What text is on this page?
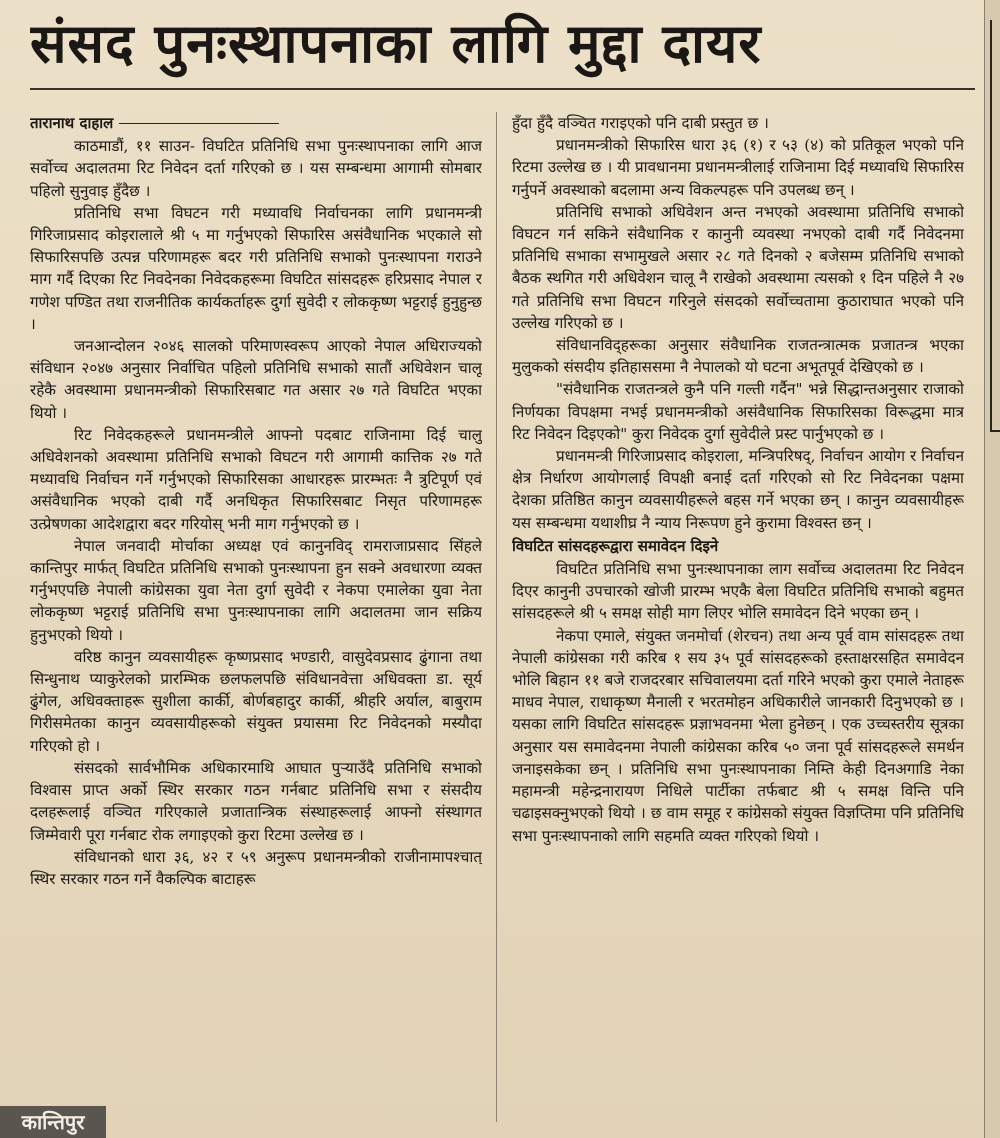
संसद पुनःस्थापनाका लागि मुद्दा दायर
तारानाथ दाहाल

काठमाडौं, ११ साउन- विघटित प्रतिनिधि सभा पुनःस्थापनाका लागि आज सर्वोच्च अदालतमा रिट निवेदन दर्ता गरिएको छ । यस सम्बन्धमा आगामी सोमबार पहिलो सुनुवाइ हुँदैछ ।

प्रतिनिधि सभा विघटन गरी मध्यावधि निर्वाचनका लागि प्रधानमन्त्री गिरिजाप्रसाद कोइरालाले श्री ५ मा गर्नुभएको सिफारिस असंवैधानिक भएकाले सो सिफारिसपछि उत्पन्न परिणामहरू बदर गरी प्रतिनिधि सभाको पुनःस्थापना गराउने माग गर्दै दिएका रिट निवदेनका निवेदकहरूमा विघटित सांसदहरू हरिप्रसाद नेपाल र गणेश पण्डित तथा राजनीतिक कार्यकर्ताहरू दुर्गा सुवेदी र लोककृष्ण भट्टराई हुनुहुन्छ ।

जनआन्दोलन २०४६ सालको परिमाणस्वरूप आएको नेपाल अधिराज्यको संविधान २०४७ अनुसार निर्वाचित पहिलो प्रतिनिधि सभाको सातौं अधिवेशन चालू रहेकै अवस्थामा प्रधानमन्त्रीको सिफारिसबाट गत असार २७ गते विघटित भएका थियो ।

रिट निवेदकहरूले प्रधानमन्त्रीले आफ्नो पदबाट राजिनामा दिई चालु अधिवेशनको अवस्थामा प्रतिनिधि सभाको विघटन गरी आगामी कात्तिक २७ गते मध्यावधि निर्वाचन गर्ने गर्नुभएको सिफारिसका आधारहरू प्रारम्भतः नै त्रुटिपूर्ण एवं असंवैधानिक भएको दाबी गर्दै अनधिकृत सिफारिसबाट निसृत परिणामहरू उत्प्रेषणका आदेशद्वारा बदर गरियोस् भनी माग गर्नुभएको छ ।

नेपाल जनवादी मोर्चाका अध्यक्ष एवं कानुनविद् रामराजाप्रसाद सिंहले कान्तिपुर मार्फत् विघटित प्रतिनिधि सभाको पुनःस्थापना हुन सक्ने अवधारणा व्यक्त गर्नुभएपछि नेपाली कांग्रेसका युवा नेता दुर्गा सुवेदी र नेकपा एमालेका युवा नेता लोककृष्ण भट्टराई प्रतिनिधि सभा पुनःस्थापनाका लागि अदालतमा जान सक्रिय हुनुभएको थियो ।

वरिष्ठ कानुन व्यवसायीहरू कृष्णप्रसाद भण्डारी, वासुदेवप्रसाद ढुंगाना तथा सिन्धुनाथ प्याकुरेलको प्रारम्भिक छलफलपछि संविधानवेत्ता अधिवक्ता डा. सूर्य ढुंगेल, अधिवक्ताहरू सुशीला कार्की, बोर्णबहादुर कार्की, श्रीहरि अर्याल, बाबुराम गिरीसमेतका कानुन व्यवसायीहरूको संयुक्त प्रयासमा रिट निवेदनको मस्यौदा गरिएको हो ।

संसदको सार्वभौमिक अधिकारमाथि आघात पुऱ्याउँदै प्रतिनिधि सभाको विश्वास प्राप्त अर्को स्थिर सरकार गठन गर्नबाट प्रतिनिधि सभा र संसदीय दलहरूलाई वञ्चित गरिएकाले प्रजातान्त्रिक संस्थाहरूलाई आफ्नो संस्थागत जिम्मेवारी पूरा गर्नबाट रोक लगाइएको कुरा रिटमा उल्लेख छ ।

संविधानको धारा ३६, ४२ र ५९ अनुरूप प्रधानमन्त्रीको राजीनामापश्चात् स्थिर सरकार गठन गर्ने वैकल्पिक बाटाहरू

हुँदा हुँदै वञ्चित गराइएको पनि दाबी प्रस्तुत छ ।

प्रधानमन्त्रीको सिफारिस धारा ३६ (१) र ५३ (४) को प्रतिकूल भएको पनि रिटमा उल्लेख छ । यी प्रावधानमा प्रधानमन्त्रीलाई राजिनामा दिई मध्यावधि सिफारिस गर्नुपर्ने अवस्थाको बदलामा अन्य विकल्पहरू पनि उपलब्ध छन् ।

प्रतिनिधि सभाको अधिवेशन अन्त नभएको अवस्थामा प्रतिनिधि सभाको विघटन गर्न सकिने संवैधानिक र कानुनी व्यवस्था नभएको दाबी गर्दै निवेदनमा प्रतिनिधि सभाका सभामुखले असार २८ गते दिनको २ बजेसम्म प्रतिनिधि सभाको बैठक स्थगित गरी अधिवेशन चालू नै राखेको अवस्थामा त्यसको १ दिन पहिले नै २७ गते प्रतिनिधि सभा विघटन गरिनुले संसदको सर्वोच्चतामा कुठाराघात भएको पनि उल्लेख गरिएको छ ।

संविधानविद्हरूका अनुसार संवैधानिक राजतन्त्रात्मक प्रजातन्त्र भएका मुलुकको संसदीय इतिहाससमा नै नेपालको यो घटना अभूतपूर्व देखिएको छ ।

"संवैधानिक राजतन्त्रले कुनै पनि गल्ती गर्दैन" भन्ने सिद्धान्तअनुसार राजाको निर्णयका विपक्षमा नभई प्रधानमन्त्रीको असंवैधानिक सिफारिसका विरूद्धमा मात्र रिट निवेदन दिइएको" कुरा निवेदक दुर्गा सुवेदीले प्रस्ट पार्नुभएको छ ।

प्रधानमन्त्री गिरिजाप्रसाद कोइराला, मन्त्रिपरिषद्, निर्वाचन आयोग र निर्वाचन क्षेत्र निर्धारण आयोगलाई विपक्षी बनाई दर्ता गरिएको सो रिट निवेदनका पक्षमा देशका प्रतिष्ठित कानुन व्यवसायीहरूले बहस गर्ने भएका छन् । कानुन व्यवसायीहरू यस सम्बन्धमा यथाशीघ्र नै न्याय निरूपण हुने कुरामा विश्वस्त छन् ।

विघटित सांसदहरूद्वारा समावेदन दिइने

विघटित प्रतिनिधि सभा पुनःस्थापनाका लाग सर्वोच्च अदालतमा रिट निवेदन दिएर कानुनी उपचारको खोजी प्रारम्भ भएकै बेला विघटित प्रतिनिधि सभाको बहुमत सांसदहरूले श्री ५ समक्ष सोही माग लिएर भोलि समावेदन दिने भएका छन् ।

नेकपा एमाले, संयुक्त जनमोर्चा (शेरचन) तथा अन्य पूर्व वाम सांसदहरू तथा नेपाली कांग्रेसका गरी करिब १ सय ३५ पूर्व सांसदहरूको हस्ताक्षरसहित समावेदन भोलि बिहान ११ बजे राजदरबार सचिवालयमा दर्ता गरिने भएको कुरा एमाले नेताहरू माधव नेपाल, राधाकृष्ण मैनाली र भरतमोहन अधिकारीले जानकारी दिनुभएको छ । यसका लागि विघटित सांसदहरू प्रज्ञाभवनमा भेला हुनेछन् । एक उच्चस्तरीय सूत्रका अनुसार यस समावेदनमा नेपाली कांग्रेसका करिब ५० जना पूर्व सांसदहरूले समर्थन जनाइसकेका छन् । प्रतिनिधि सभा पुनःस्थापनाका निम्ति केही दिनअगाडि नेका महामन्त्री महेन्द्रनारायण निधिले पार्टीका तर्फबाट श्री ५ समक्ष विन्ति पनि चढाइसक्नुभएको थियो । छ वाम समूह र कांग्रेसको संयुक्त विज्ञप्तिमा पनि प्रतिनिधि सभा पुनःस्थापनाको लागि सहमति व्यक्त गरिएको थियो ।

कान्तिपुर
